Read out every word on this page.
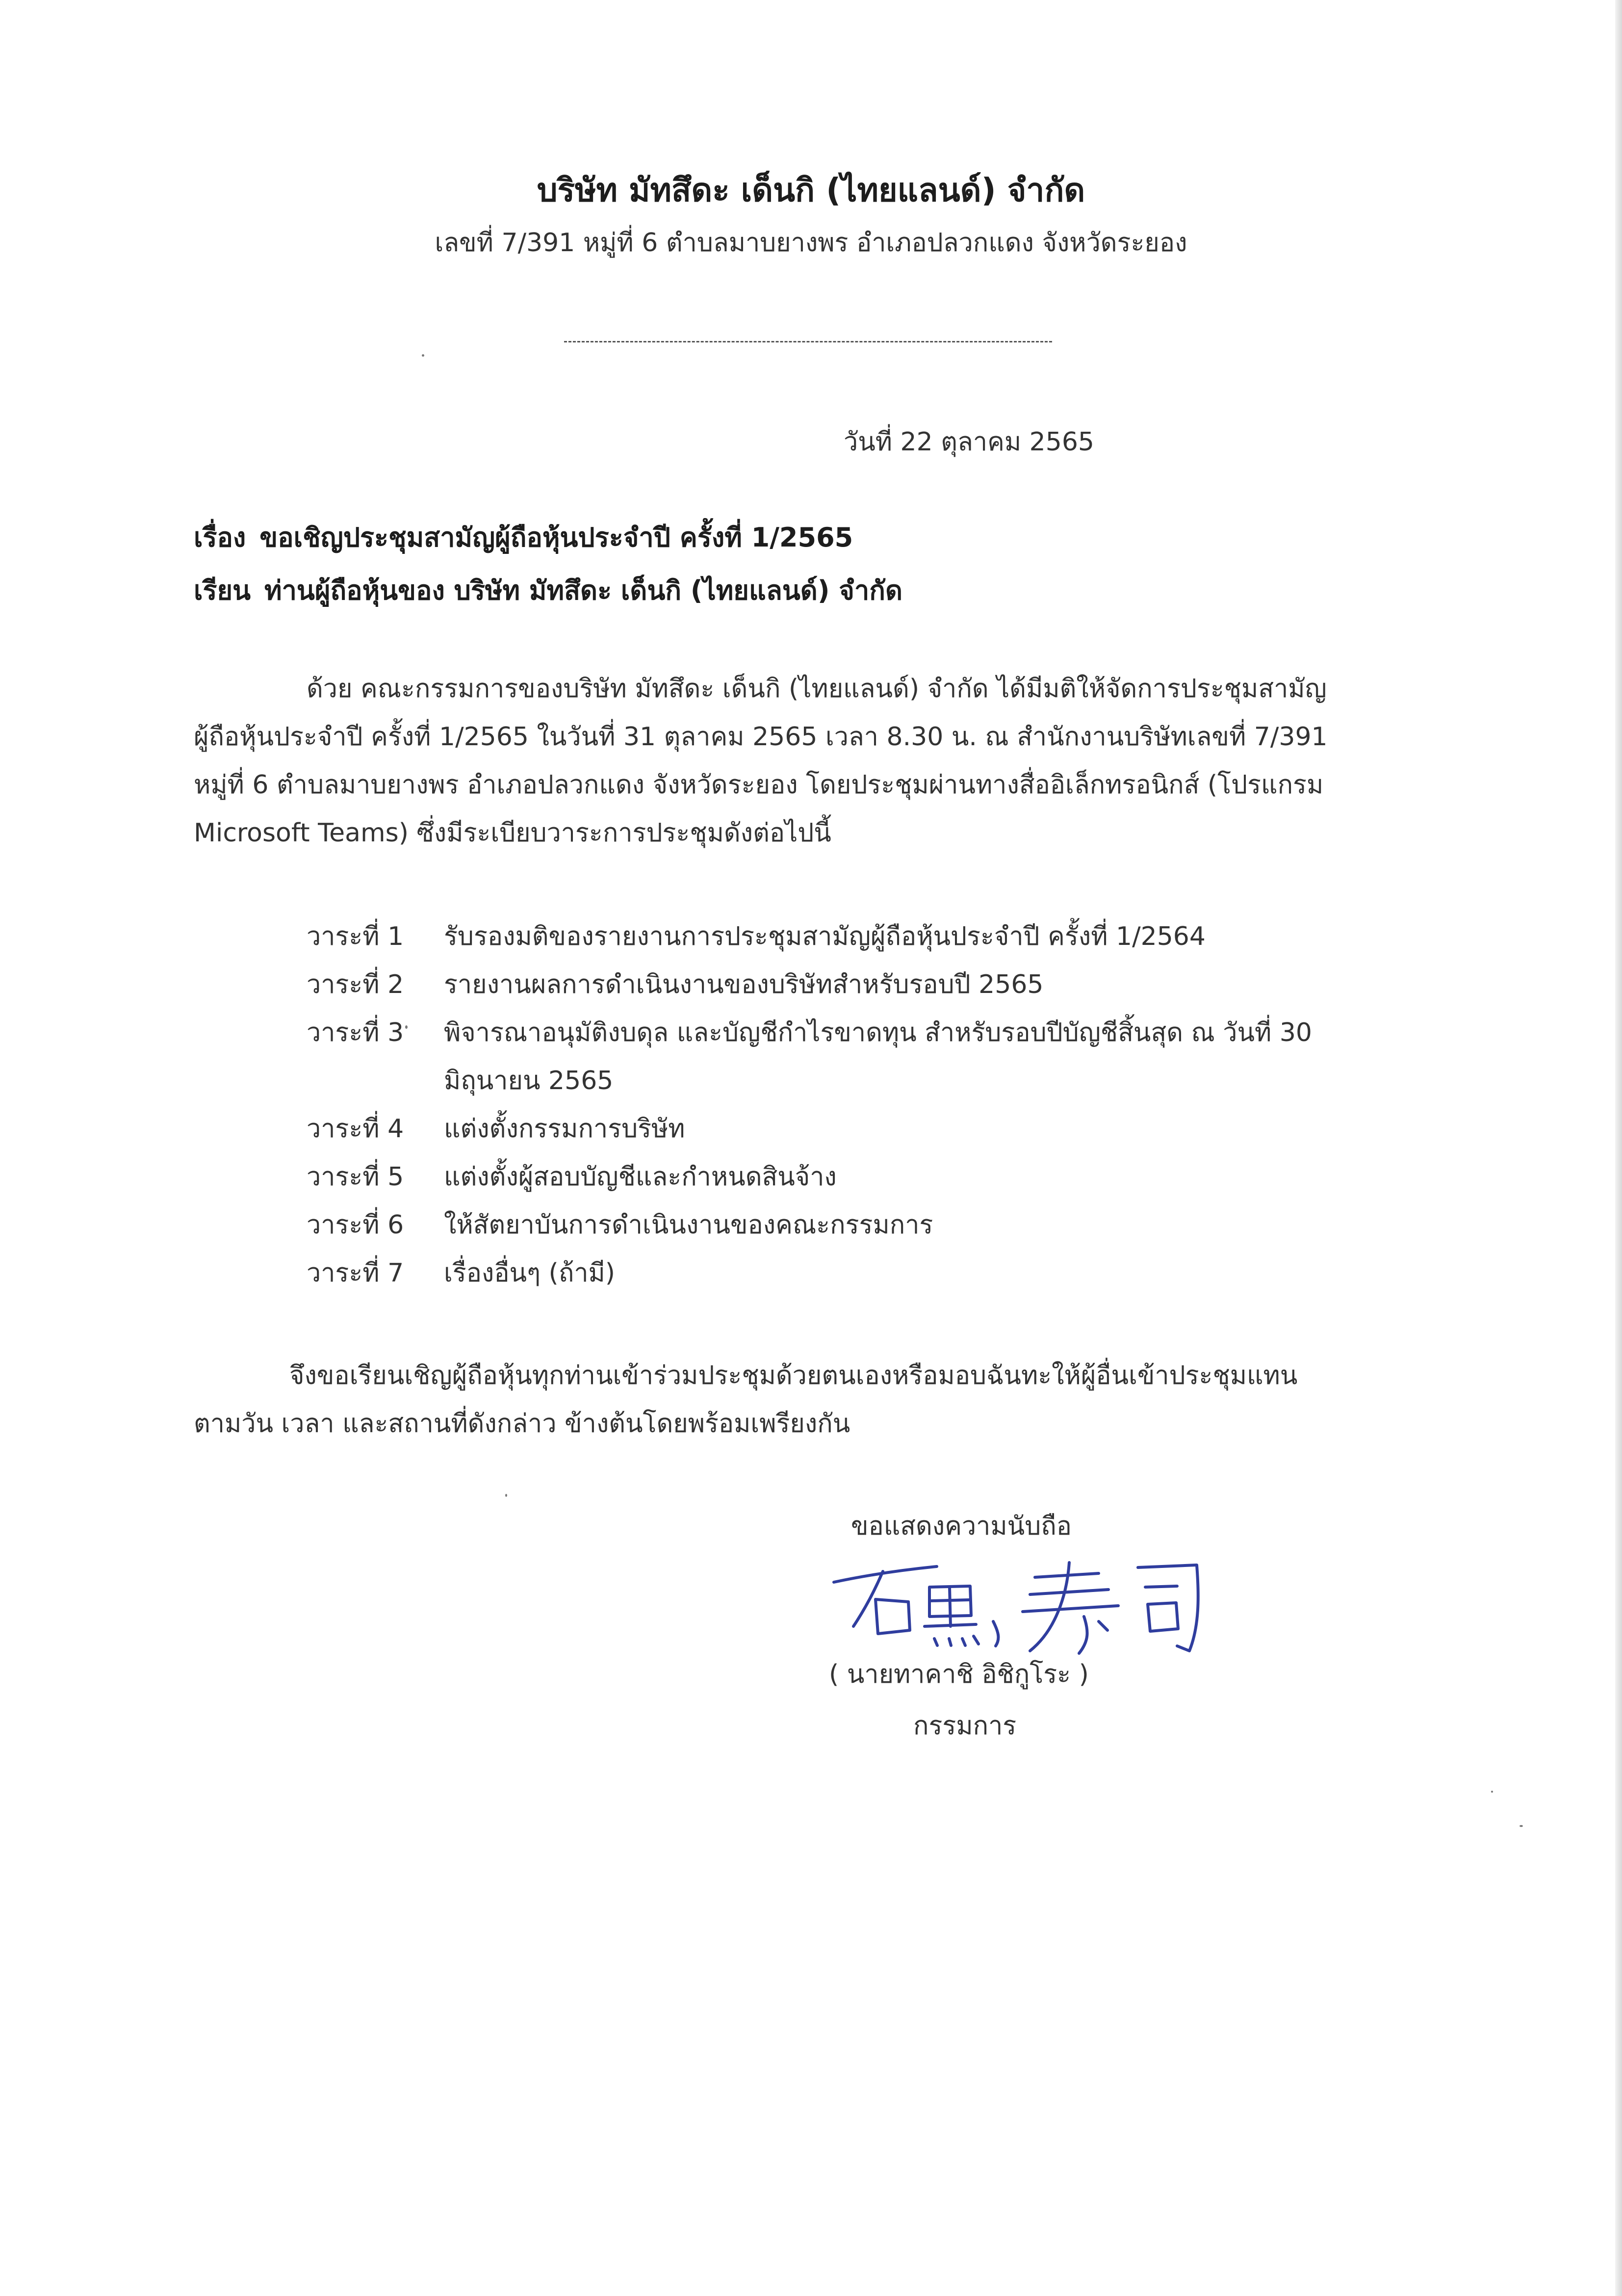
บริษัท มัทสึดะ เด็นกิ (ไทยแลนด์) จำกัด
เลขที่ 7/391 หมู่ที่ 6 ตำบลมาบยางพร อำเภอปลวกแดง จังหวัดระยอง
วันที่ 22 ตุลาคม 2565
เรื่อง ขอเชิญประชุมสามัญผู้ถือหุ้นประจำปี ครั้งที่ 1/2565
เรียน ท่านผู้ถือหุ้นของ บริษัท มัทสึดะ เด็นกิ (ไทยแลนด์) จำกัด
ด้วย คณะกรรมการของบริษัท มัทสึดะ เด็นกิ (ไทยแลนด์) จำกัด ได้มีมติให้จัดการประชุมสามัญ
ผู้ถือหุ้นประจำปี ครั้งที่ 1/2565 ในวันที่ 31 ตุลาคม 2565 เวลา 8.30 น. ณ สำนักงานบริษัทเลขที่ 7/391
หมู่ที่ 6 ตำบลมาบยางพร อำเภอปลวกแดง จังหวัดระยอง โดยประชุมผ่านทางสื่ออิเล็กทรอนิกส์ (โปรแกรม
Microsoft Teams) ซึ่งมีระเบียบวาระการประชุมดังต่อไปนี้
วาระที่ 1	รับรองมติของรายงานการประชุมสามัญผู้ถือหุ้นประจำปี ครั้งที่ 1/2564
วาระที่ 2	รายงานผลการดำเนินงานของบริษัทสำหรับรอบปี 2565
วาระที่ 3	พิจารณาอนุมัติงบดุล และบัญชีกำไรขาดทุน สำหรับรอบปีบัญชีสิ้นสุด ณ วันที่ 30 มิถุนายน 2565
วาระที่ 4	แต่งตั้งกรรมการบริษัท
วาระที่ 5	แต่งตั้งผู้สอบบัญชีและกำหนดสินจ้าง
วาระที่ 6	ให้สัตยาบันการดำเนินงานของคณะกรรมการ
วาระที่ 7	เรื่องอื่นๆ (ถ้ามี)
จึงขอเรียนเชิญผู้ถือหุ้นทุกท่านเข้าร่วมประชุมด้วยตนเองหรือมอบฉันทะให้ผู้อื่นเข้าประชุมแทน
ตามวัน เวลา และสถานที่ดังกล่าว ข้างต้นโดยพร้อมเพรียงกัน
ขอแสดงความนับถือ
( นายทาคาชิ อิชิกูโระ )
กรรมการ
